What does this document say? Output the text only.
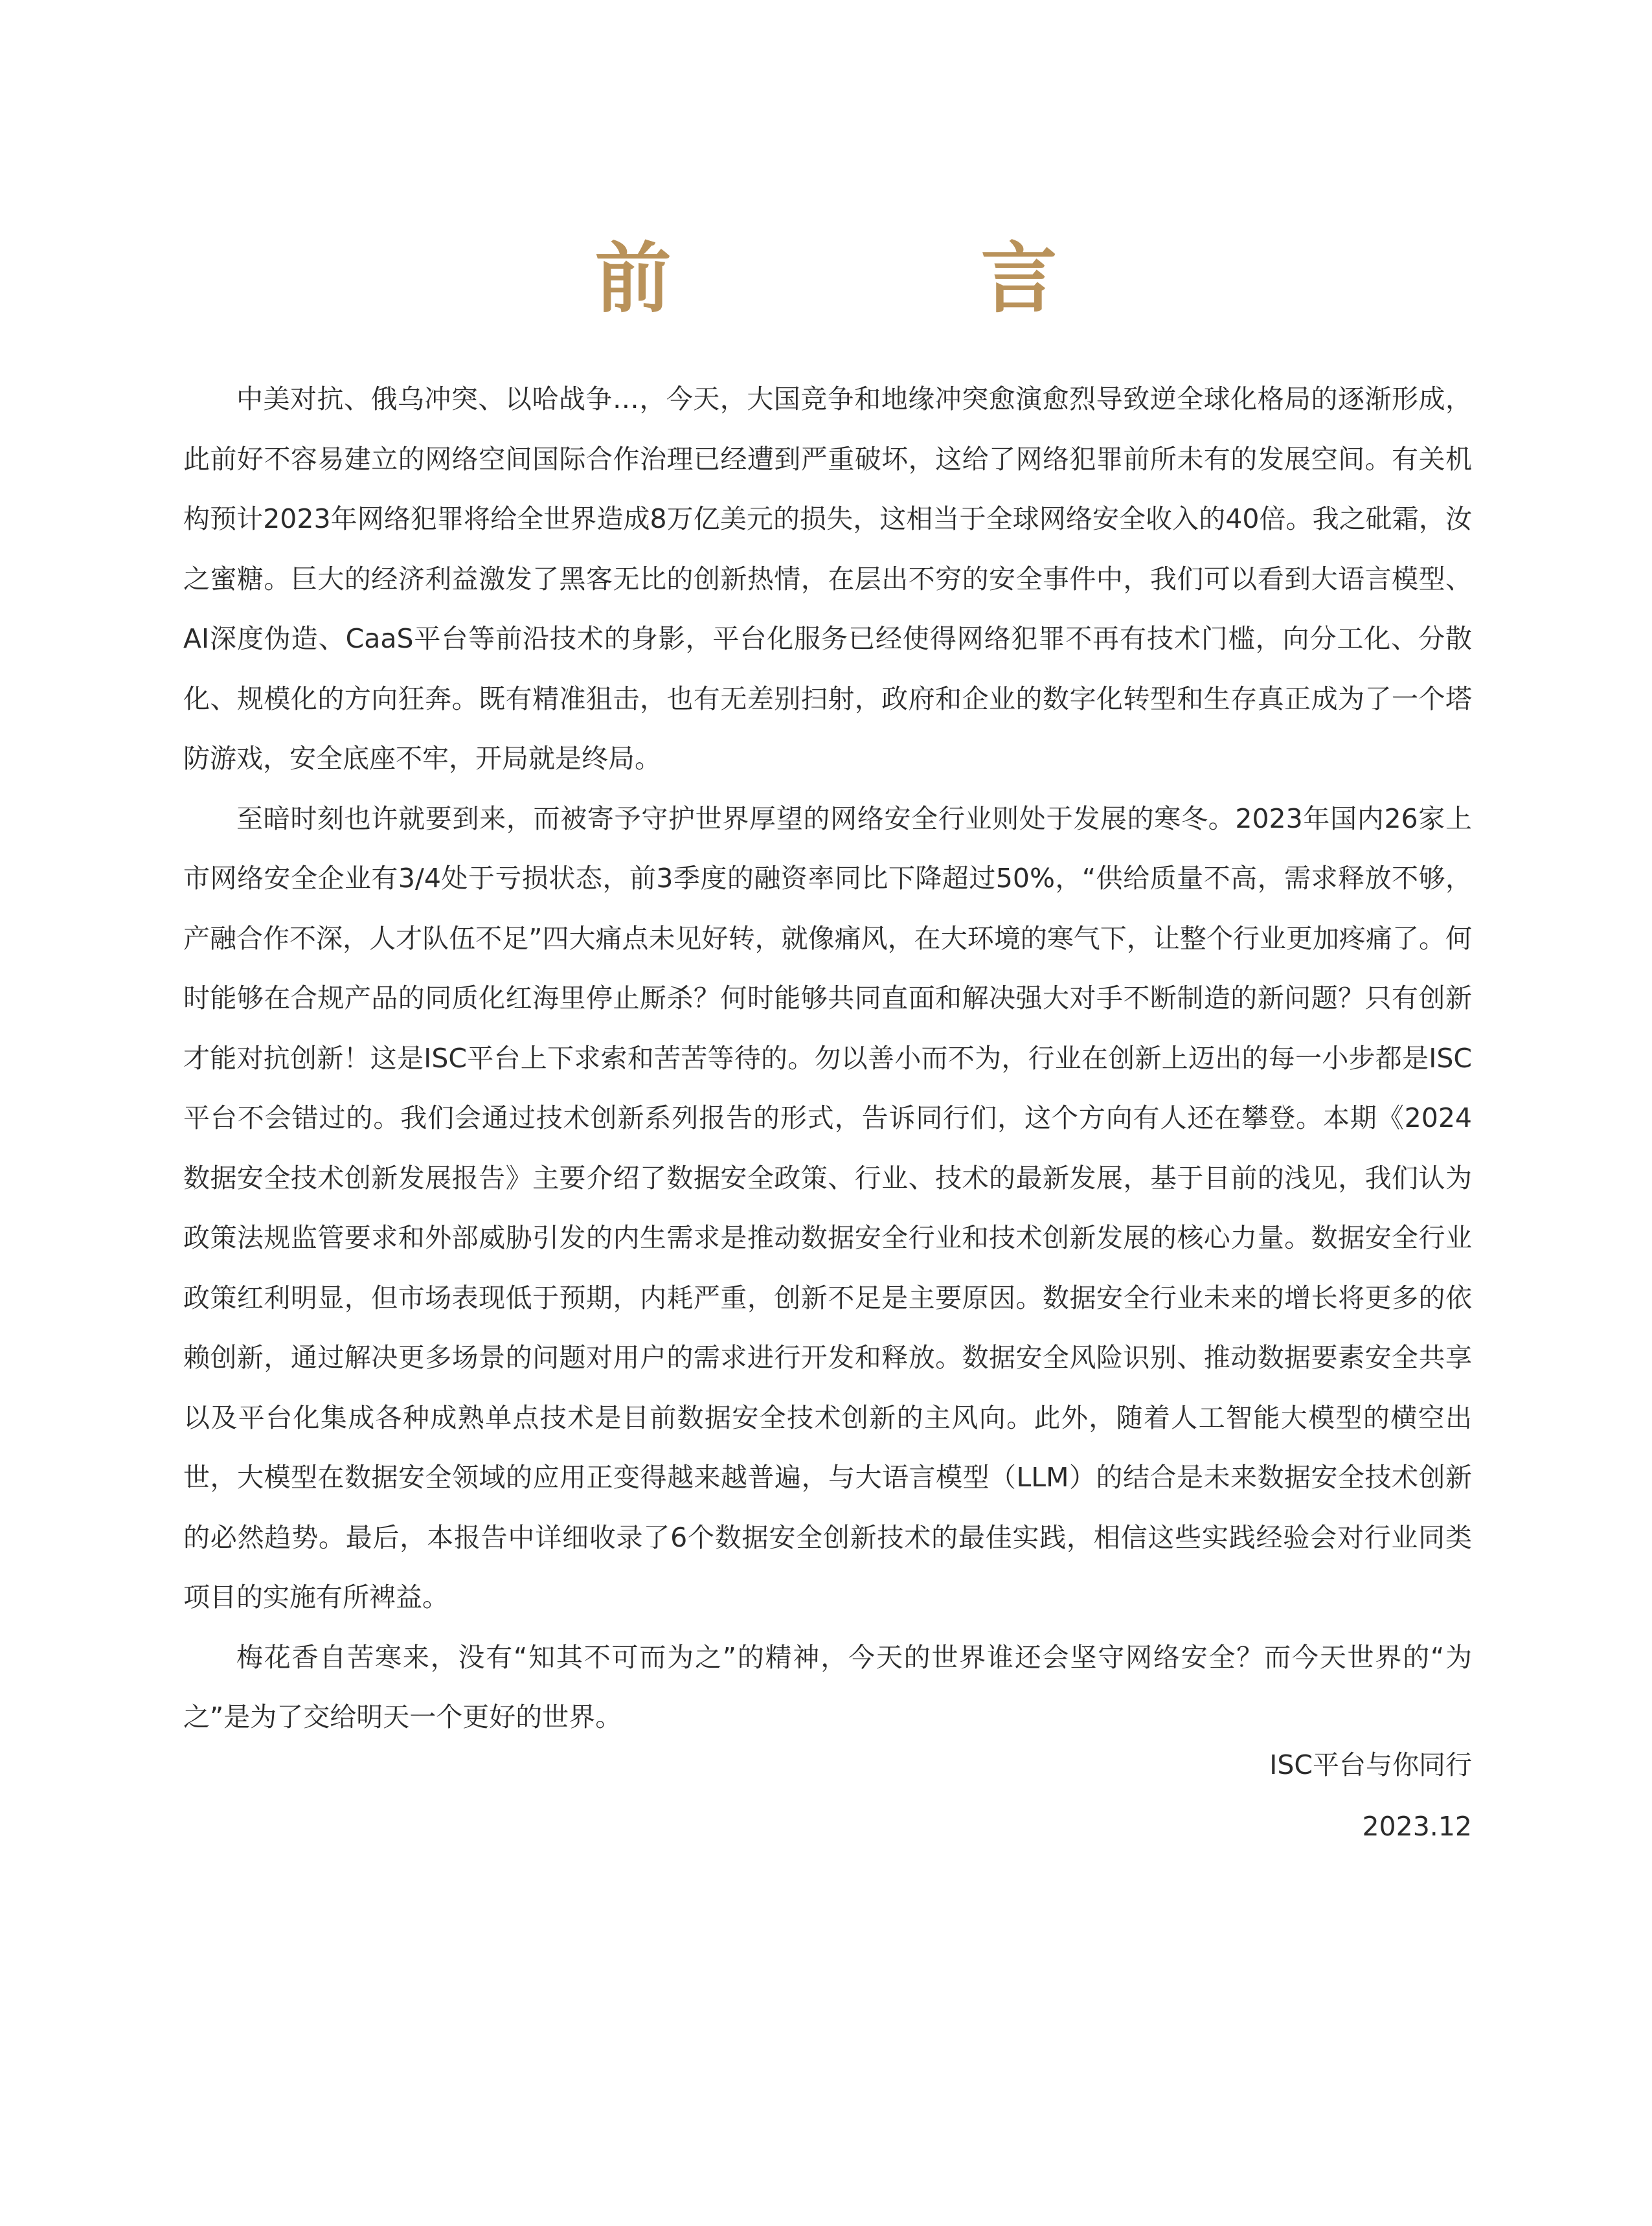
前　言

中美对抗、俄乌冲突、以哈战争…，今天，大国竞争和地缘冲突愈演愈烈导致逆全球化格局的逐渐形成，此前好不容易建立的网络空间国际合作治理已经遭到严重破坏，这给了网络犯罪前所未有的发展空间。有关机构预计2023年网络犯罪将给全世界造成8万亿美元的损失，这相当于全球网络安全收入的40倍。我之砒霜，汝之蜜糖。巨大的经济利益激发了黑客无比的创新热情，在层出不穷的安全事件中，我们可以看到大语言模型、AI深度伪造、CaaS平台等前沿技术的身影，平台化服务已经使得网络犯罪不再有技术门槛，向分工化、分散化、规模化的方向狂奔。既有精准狙击，也有无差别扫射，政府和企业的数字化转型和生存真正成为了一个塔防游戏，安全底座不牢，开局就是终局。

至暗时刻也许就要到来，而被寄予守护世界厚望的网络安全行业则处于发展的寒冬。2023年国内26家上市网络安全企业有3/4处于亏损状态，前3季度的融资率同比下降超过50%，“供给质量不高，需求释放不够，产融合作不深，人才队伍不足”四大痛点未见好转，就像痛风，在大环境的寒气下，让整个行业更加疼痛了。何时能够在合规产品的同质化红海里停止厮杀？何时能够共同直面和解决强大对手不断制造的新问题？只有创新才能对抗创新！这是ISC平台上下求索和苦苦等待的。勿以善小而不为，行业在创新上迈出的每一小步都是ISC平台不会错过的。我们会通过技术创新系列报告的形式，告诉同行们，这个方向有人还在攀登。本期《2024数据安全技术创新发展报告》主要介绍了数据安全政策、行业、技术的最新发展，基于目前的浅见，我们认为政策法规监管要求和外部威胁引发的内生需求是推动数据安全行业和技术创新发展的核心力量。数据安全行业政策红利明显，但市场表现低于预期，内耗严重，创新不足是主要原因。数据安全行业未来的增长将更多的依赖创新，通过解决更多场景的问题对用户的需求进行开发和释放。数据安全风险识别、推动数据要素安全共享以及平台化集成各种成熟单点技术是目前数据安全技术创新的主风向。此外，随着人工智能大模型的横空出世，大模型在数据安全领域的应用正变得越来越普遍，与大语言模型（LLM）的结合是未来数据安全技术创新的必然趋势。最后，本报告中详细收录了6个数据安全创新技术的最佳实践，相信这些实践经验会对行业同类项目的实施有所裨益。

梅花香自苦寒来，没有“知其不可而为之”的精神，今天的世界谁还会坚守网络安全？而今天世界的“为之”是为了交给明天一个更好的世界。

ISC平台与你同行

2023.12
